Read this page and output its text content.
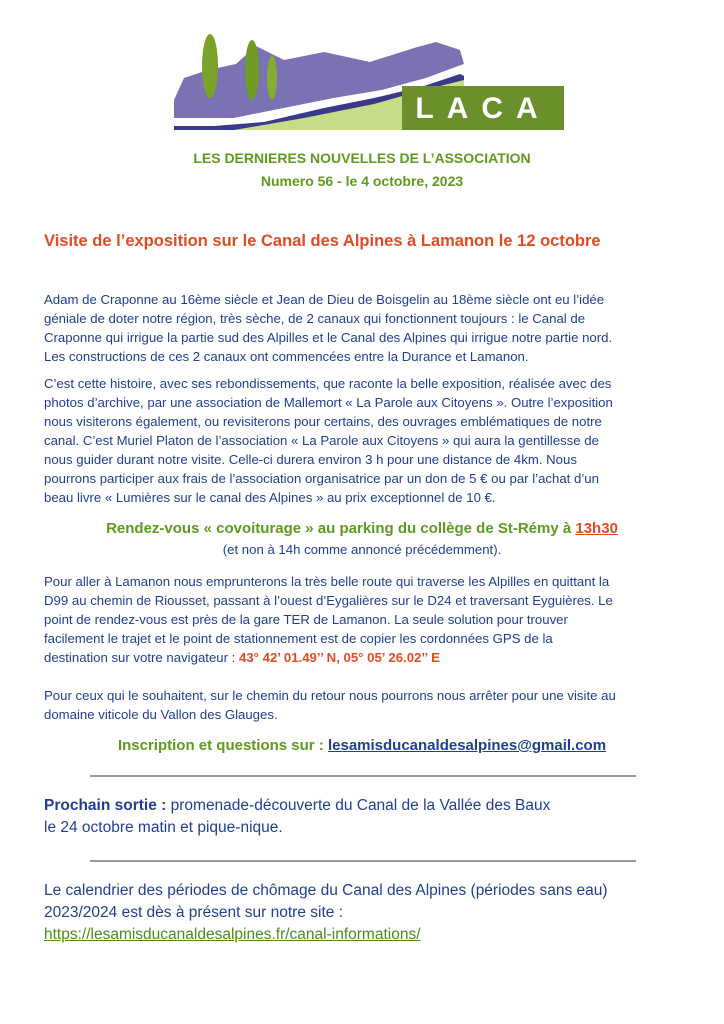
LACA
LES DERNIERES NOUVELLES DE L’ASSOCIATION
Numero 56 - le 4 octobre, 2023
Visite de l’exposition sur le Canal des Alpines à Lamanon le 12 octobre
Adam de Craponne au 16ème siècle et Jean de Dieu de Boisgelin au 18ème siècle ont eu l’idée
géniale de doter notre région, très sèche, de 2 canaux qui fonctionnent toujours : le Canal de
Craponne qui irrigue la partie sud des Alpilles et le Canal des Alpines qui irrigue notre partie nord.
Les constructions de ces 2 canaux ont commencées entre la Durance et Lamanon.
C’est cette histoire, avec ses rebondissements, que raconte la belle exposition, réalisée avec des
photos d’archive, par une association de Mallemort « La Parole aux Citoyens ». Outre l’exposition
nous visiterons également, ou revisiterons pour certains, des ouvrages emblématiques de notre
canal. C’est Muriel Platon de l’association « La Parole aux Citoyens » qui aura la gentillesse de
nous guider durant notre visite. Celle-ci durera environ 3 h pour une distance de 4km. Nous
pourrons participer aux frais de l’association organisatrice par un don de 5 € ou par l’achat d’un
beau livre « Lumières sur le canal des Alpines » au prix exceptionnel de 10 €.
Rendez-vous « covoiturage » au parking du collège de St-Rémy à 13h30
(et non à 14h comme annoncé précédemment).
Pour aller à Lamanon nous emprunterons la très belle route qui traverse les Alpilles en quittant la
D99 au chemin de Riousset, passant à l’ouest d’Eygalières sur le D24 et traversant Eyguières. Le
point de rendez-vous est près de la gare TER de Lamanon. La seule solution pour trouver
facilement le trajet et le point de stationnement est de copier les cordonnées GPS de la
destination sur votre navigateur : 43° 42’ 01.49’’ N, 05° 05’ 26.02’’ E
Pour ceux qui le souhaitent, sur le chemin du retour nous pourrons nous arrêter pour une visite au
domaine viticole du Vallon des Glauges.
Inscription et questions sur : lesamisducanaldesalpines@gmail.com
Prochain sortie : promenade-découverte du Canal de la Vallée des Baux
le 24 octobre matin et pique-nique.
Le calendrier des périodes de chômage du Canal des Alpines (périodes sans eau)
2023/2024 est dès à présent sur notre site :
https://lesamisducanaldesalpines.fr/canal-informations/
